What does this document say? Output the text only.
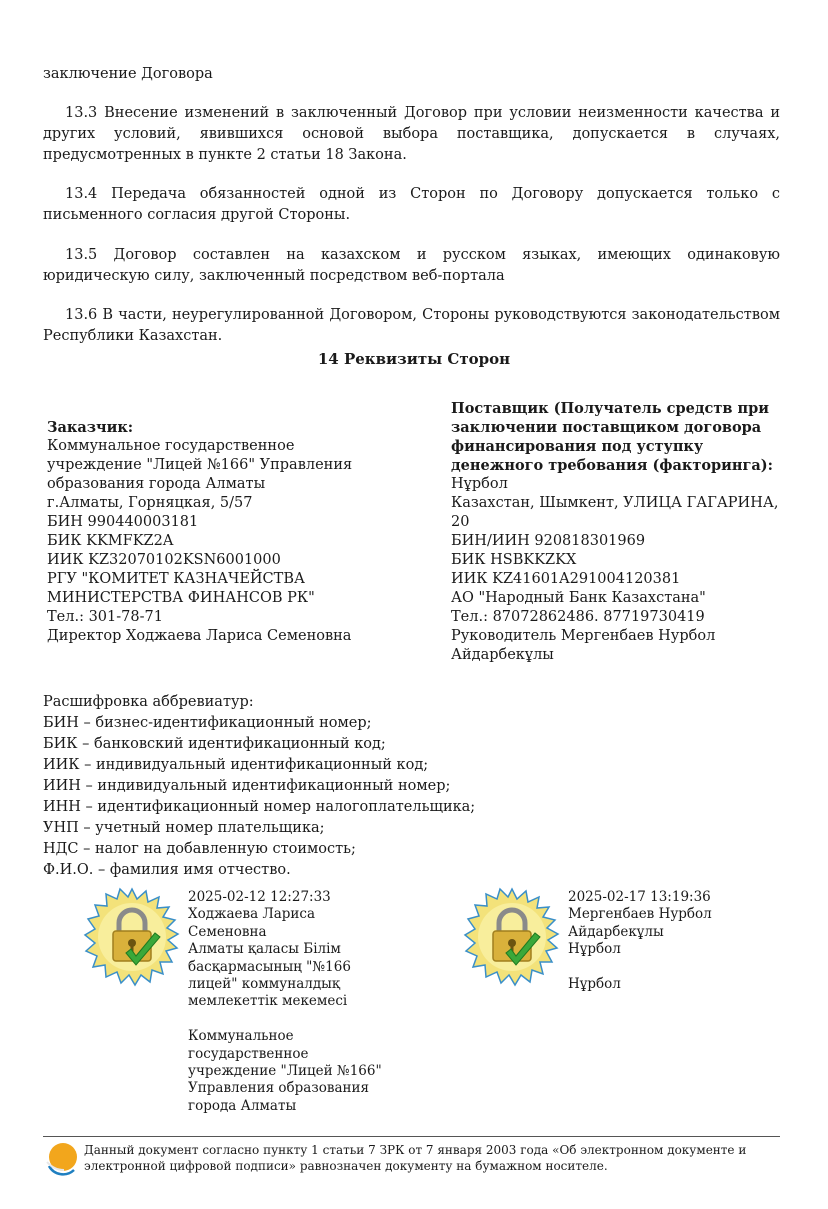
заключение Договора
13.3 Внесение изменений в заключенный Договор при условии неизменности качества и других условий, явившихся основой выбора поставщика, допускается в случаях, предусмотренных в пункте 2 статьи 18 Закона.
13.4 Передача обязанностей одной из Сторон по Договору допускается только с письменного согласия другой Стороны.
13.5 Договор составлен на казахском и русском языках, имеющих одинаковую юридическую силу, заключенный посредством веб-портала
13.6 В части, неурегулированной Договором, Стороны руководствуются законодательством Республики Казахстан.
14 Реквизиты Сторон
Заказчик:
Коммунальное государственное
учреждение "Лицей №166" Управления
образования города Алматы
г.Алматы, Горняцкая, 5/57
БИН 990440003181
БИК KKMFKZ2A
ИИК KZ32070102KSN6001000
РГУ "КОМИТЕТ КАЗНАЧЕЙСТВА
МИНИСТЕРСТВА ФИНАНСОВ РК"
Тел.: 301-78-71
Директор Ходжаева Лариса Семеновна
Поставщик (Получатель средств при
заключении поставщиком договора
финансирования под уступку
денежного требования (факторинга):
Нұрбол
Казахстан, Шымкент, УЛИЦА ГАГАРИНА,
20
БИН/ИИН 920818301969
БИК HSBKKZKX
ИИК KZ41601A291004120381
АО "Народный Банк Казахстана"
Тел.: 87072862486. 87719730419
Руководитель Мергенбаев Нурбол
Айдарбекұлы
Расшифровка аббревиатур:
БИН – бизнес-идентификационный номер;
БИК – банковский идентификационный код;
ИИК – индивидуальный идентификационный код;
ИИН – индивидуальный идентификационный номер;
ИНН – идентификационный номер налогоплательщика;
УНП – учетный номер плательщика;
НДС – налог на добавленную стоимость;
Ф.И.О. – фамилия имя отчество.
2025-02-12 12:27:33
Ходжаева Лариса
Семеновна
Алматы қаласы Білім
басқармасының "№166
лицей" коммуналдық
мемлекеттік мекемесі
Коммунальное
государственное
учреждение "Лицей №166"
Управления образования
города Алматы
2025-02-17 13:19:36
Мергенбаев Нурбол
Айдарбекұлы
Нұрбол
Нұрбол
Данный документ согласно пункту 1 статьи 7 ЗРК от 7 января 2003 года «Об электронном документе и электронной цифровой подписи» равнозначен документу на бумажном носителе.
